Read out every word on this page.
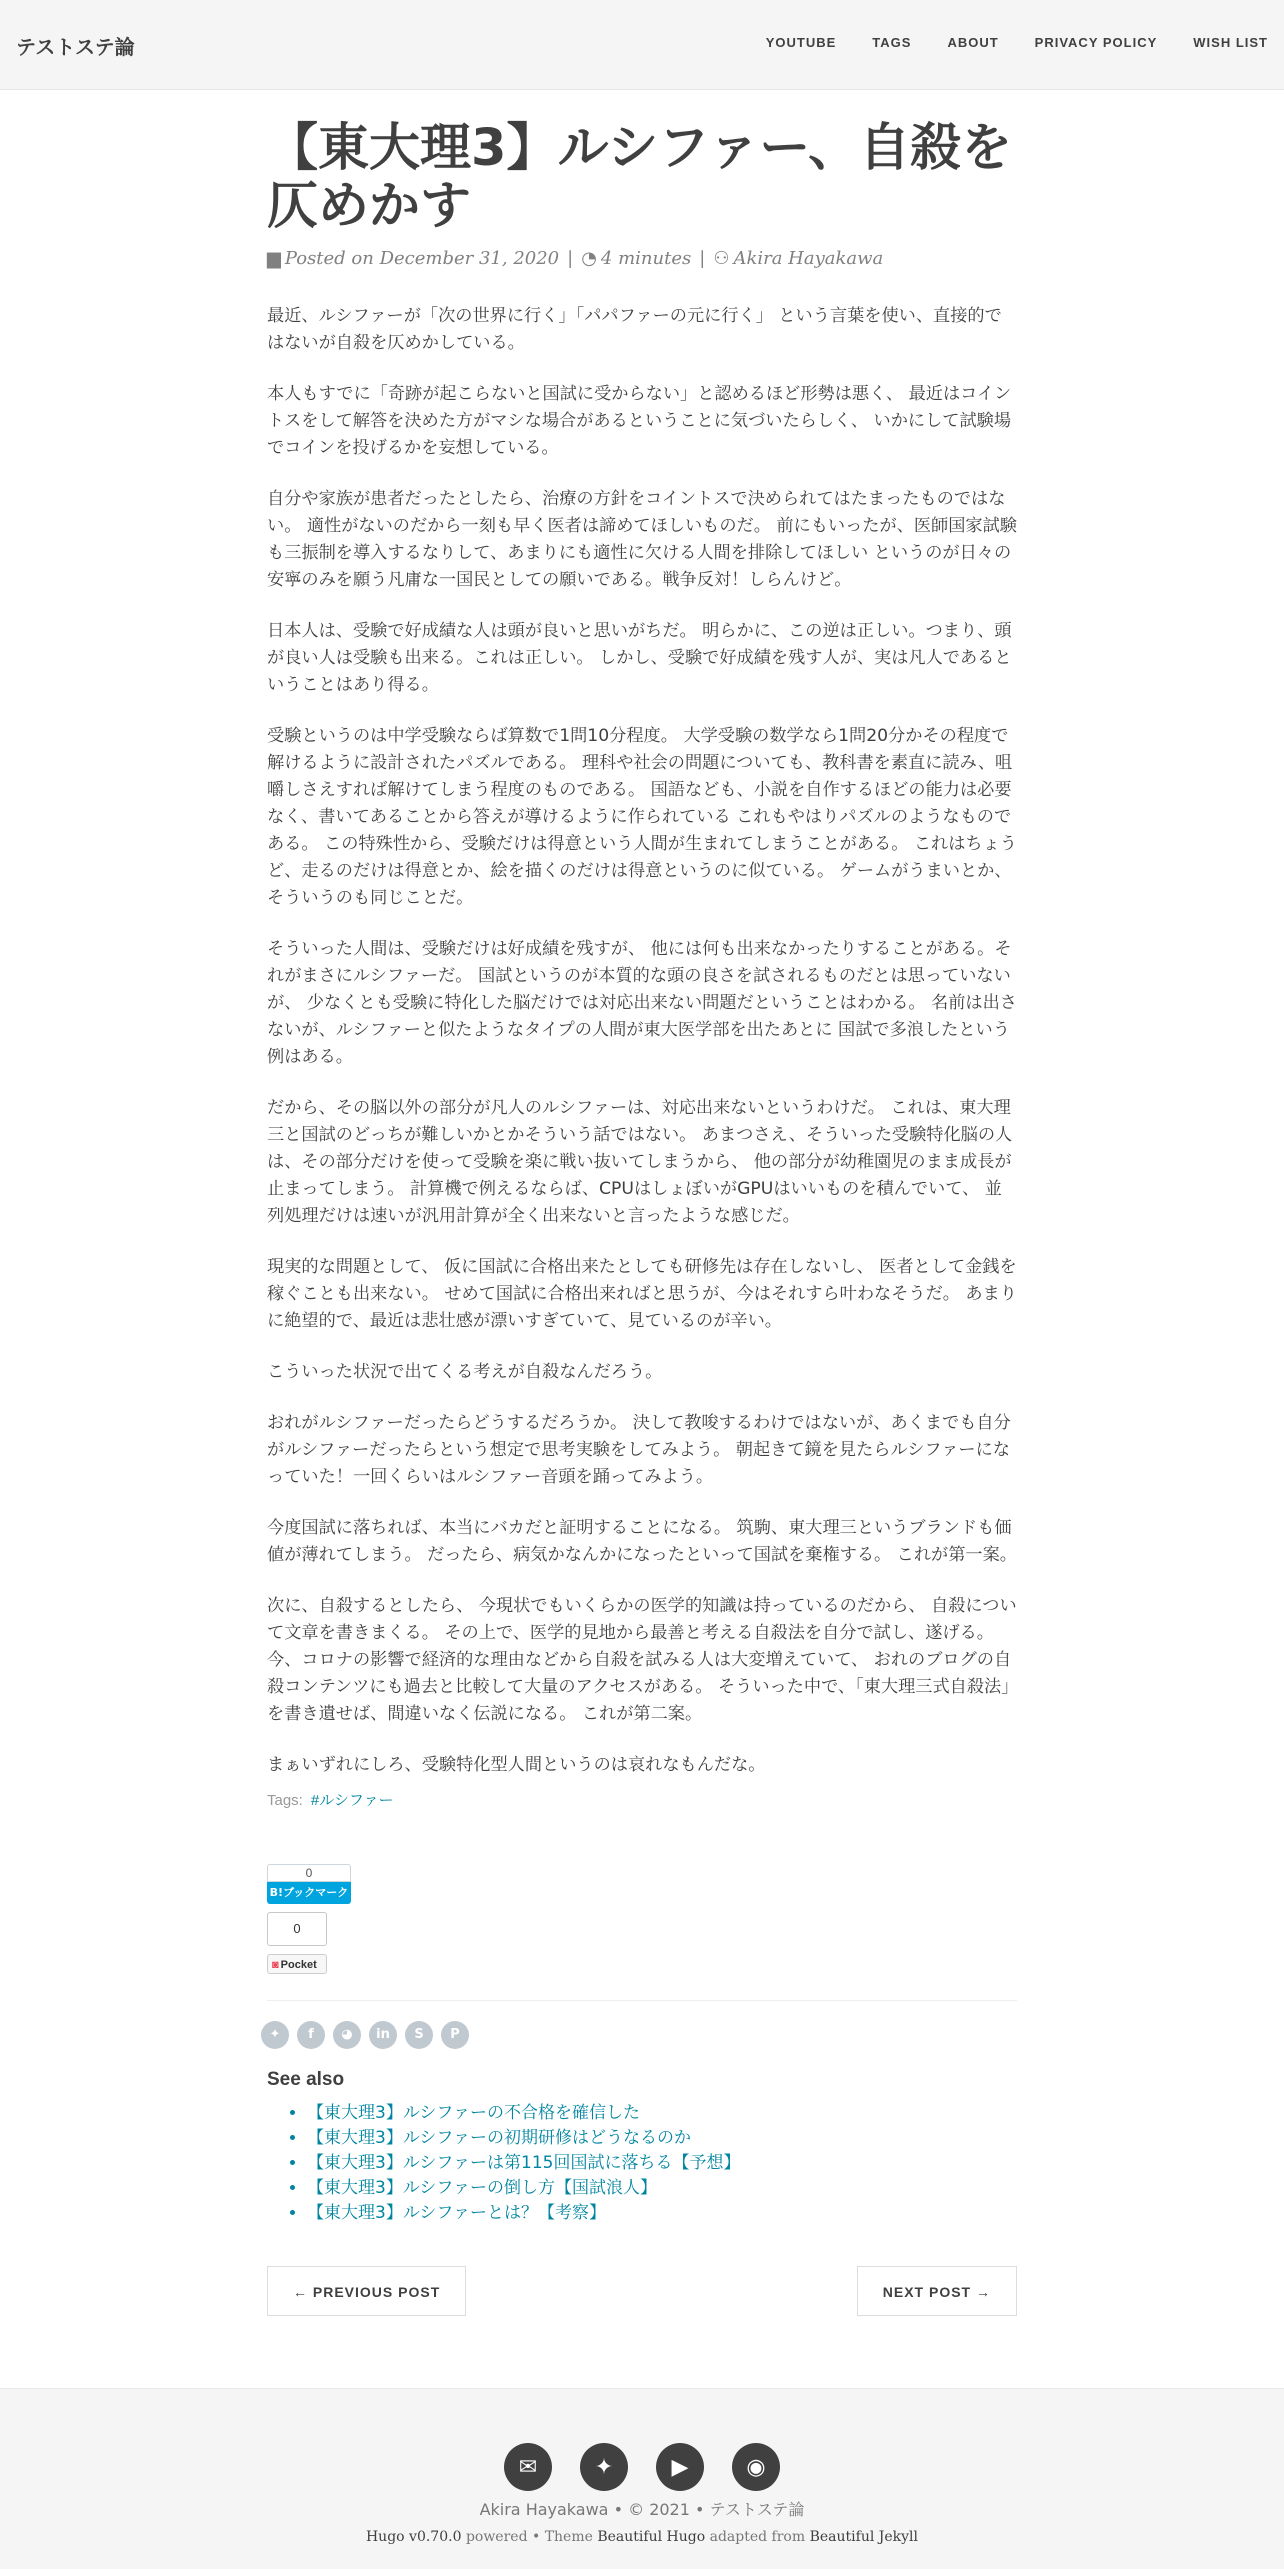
テストステ論	YOUTUBE	TAGS	ABOUT	PRIVACY POLICY	WISH LIST
【東大理3】ルシファー、自殺を仄めかす
▆ Posted on December 31, 2020 | ◔ 4 minutes | ⚇ Akira Hayakawa

最近、ルシファーが「次の世界に行く」「パパファーの元に行く」 という言葉を使い、直接的ではないが自殺を仄めかしている。

本人もすでに「奇跡が起こらないと国試に受からない」と認めるほど形勢は悪く、 最近はコイントスをして解答を決めた方がマシな場合があるということに気づいたらしく、 いかにして試験場でコインを投げるかを妄想している。

自分や家族が患者だったとしたら、治療の方針をコイントスで決められてはたまったものではない。 適性がないのだから一刻も早く医者は諦めてほしいものだ。 前にもいったが、医師国家試験も三振制を導入するなりして、あまりにも適性に欠ける人間を排除してほしい というのが日々の安寧のみを願う凡庸な一国民としての願いである。戦争反対！しらんけど。

日本人は、受験で好成績な人は頭が良いと思いがちだ。 明らかに、この逆は正しい。つまり、頭が良い人は受験も出来る。これは正しい。 しかし、受験で好成績を残す人が、実は凡人であるということはあり得る。

受験というのは中学受験ならば算数で1問10分程度。 大学受験の数学なら1問20分かその程度で解けるように設計されたパズルである。 理科や社会の問題についても、教科書を素直に読み、咀嚼しさえすれば解けてしまう程度のものである。 国語なども、小説を自作するほどの能力は必要なく、書いてあることから答えが導けるように作られている これもやはりパズルのようなものである。 この特殊性から、受験だけは得意という人間が生まれてしまうことがある。 これはちょうど、走るのだけは得意とか、絵を描くのだけは得意というのに似ている。 ゲームがうまいとか、そういうのも同じことだ。

そういった人間は、受験だけは好成績を残すが、 他には何も出来なかったりすることがある。それがまさにルシファーだ。 国試というのが本質的な頭の良さを試されるものだとは思っていないが、 少なくとも受験に特化した脳だけでは対応出来ない問題だということはわかる。 名前は出さないが、ルシファーと似たようなタイプの人間が東大医学部を出たあとに 国試で多浪したという例はある。

だから、その脳以外の部分が凡人のルシファーは、対応出来ないというわけだ。 これは、東大理三と国試のどっちが難しいかとかそういう話ではない。 あまつさえ、そういった受験特化脳の人は、その部分だけを使って受験を楽に戦い抜いてしまうから、 他の部分が幼稚園児のまま成長が止まってしまう。 計算機で例えるならば、CPUはしょぼいがGPUはいいものを積んでいて、 並列処理だけは速いが汎用計算が全く出来ないと言ったような感じだ。

現実的な問題として、 仮に国試に合格出来たとしても研修先は存在しないし、 医者として金銭を稼ぐことも出来ない。 せめて国試に合格出来ればと思うが、今はそれすら叶わなそうだ。 あまりに絶望的で、最近は悲壮感が漂いすぎていて、見ているのが辛い。

こういった状況で出てくる考えが自殺なんだろう。

おれがルシファーだったらどうするだろうか。 決して教唆するわけではないが、あくまでも自分がルシファーだったらという想定で思考実験をしてみよう。 朝起きて鏡を見たらルシファーになっていた！一回くらいはルシファー音頭を踊ってみよう。

今度国試に落ちれば、本当にバカだと証明することになる。 筑駒、東大理三というブランドも価値が薄れてしまう。 だったら、病気かなんかになったといって国試を棄権する。 これが第一案。

次に、自殺するとしたら、 今現状でもいくらかの医学的知識は持っているのだから、 自殺について文章を書きまくる。 その上で、医学的見地から最善と考える自殺法を自分で試し、遂げる。 今、コロナの影響で経済的な理由などから自殺を試みる人は大変増えていて、 おれのブログの自殺コンテンツにも過去と比較して大量のアクセスがある。 そういった中で、「東大理三式自殺法」を書き遺せば、間違いなく伝説になる。 これが第二案。

まぁいずれにしろ、受験特化型人間というのは哀れなもんだな。

Tags: #ルシファー
0
B!ブックマーク
0
◙ Pocket
✦	f	◕	in	S	P
See also
• 【東大理3】ルシファーの不合格を確信した
• 【東大理3】ルシファーの初期研修はどうなるのか
• 【東大理3】ルシファーは第115回国試に落ちる【予想】
• 【東大理3】ルシファーの倒し方【国試浪人】
• 【東大理3】ルシファーとは？【考察】
← PREVIOUS POST	NEXT POST →
✉	✦	▶	◉
Akira Hayakawa • © 2021 • テストステ論
Hugo v0.70.0 powered • Theme Beautiful Hugo adapted from Beautiful Jekyll
